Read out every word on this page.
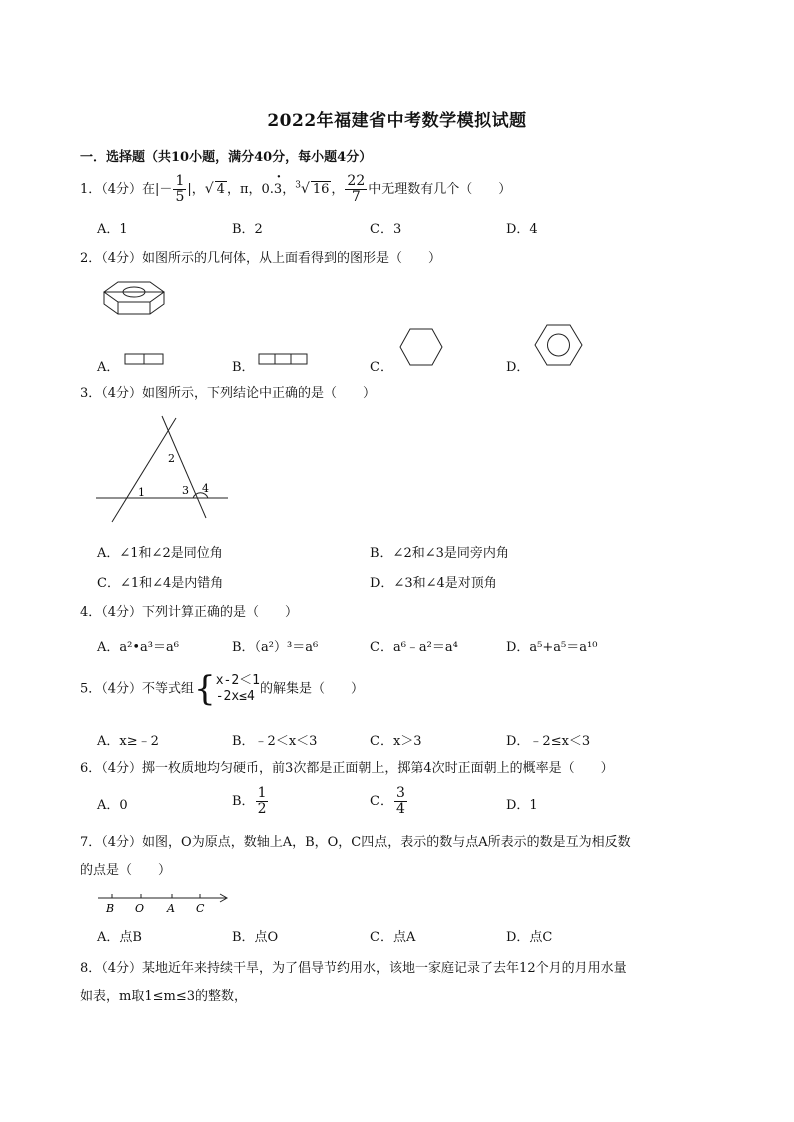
2022年福建省中考数学模拟试题
一．选择题（共10小题，满分40分，每小题4分）
1．（4分）在|－ $\frac{1}{5}$ |，√ 4 ，π，0.3
·
，$^3$√ 16 ， $\frac{22}{7}$ 中无理数有几个（　　）
A．1	B．2	C．3	D．4
2．（4分）如图所示的几何体，从上面看得到的图形是（　　）
A．	B．	C．	D．
3．（4分）如图所示，下列结论中正确的是（　　）
1
2
3 4
A．∠1和∠2是同位角	B．∠2和∠3是同旁内角
C．∠1和∠4是内错角	D．∠3和∠4是对顶角
4．（4分）下列计算正确的是（　　）
A．a²•a³＝a⁶	B．（a²）³＝a⁶	C．a⁶﹣a²＝a⁴	D．a⁵+a⁵＝a¹⁰
5．（4分）不等式组{ x-2＜1
-2x≤4 的解集是（　　）
A．x≥﹣2	B．﹣2＜x＜3	C．x＞3	D．﹣2≤x＜3
6．（4分）掷一枚质地均匀硬币，前3次都是正面朝上，掷第4次时正面朝上的概率是（　　）
A．0	B． $\frac{1}{2}$	C． $\frac{3}{4}$	D．1
7．（4分）如图，O为原点，数轴上A，B，O，C四点，表示的数与点A所表示的数是互为相反数
的点是（　　）
B O A C
A．点B	B．点O	C．点A	D．点C
8．（4分）某地近年来持续干旱，为了倡导节约用水，该地一家庭记录了去年12个月的月用水量
如表，m取1≤m≤3的整数，
